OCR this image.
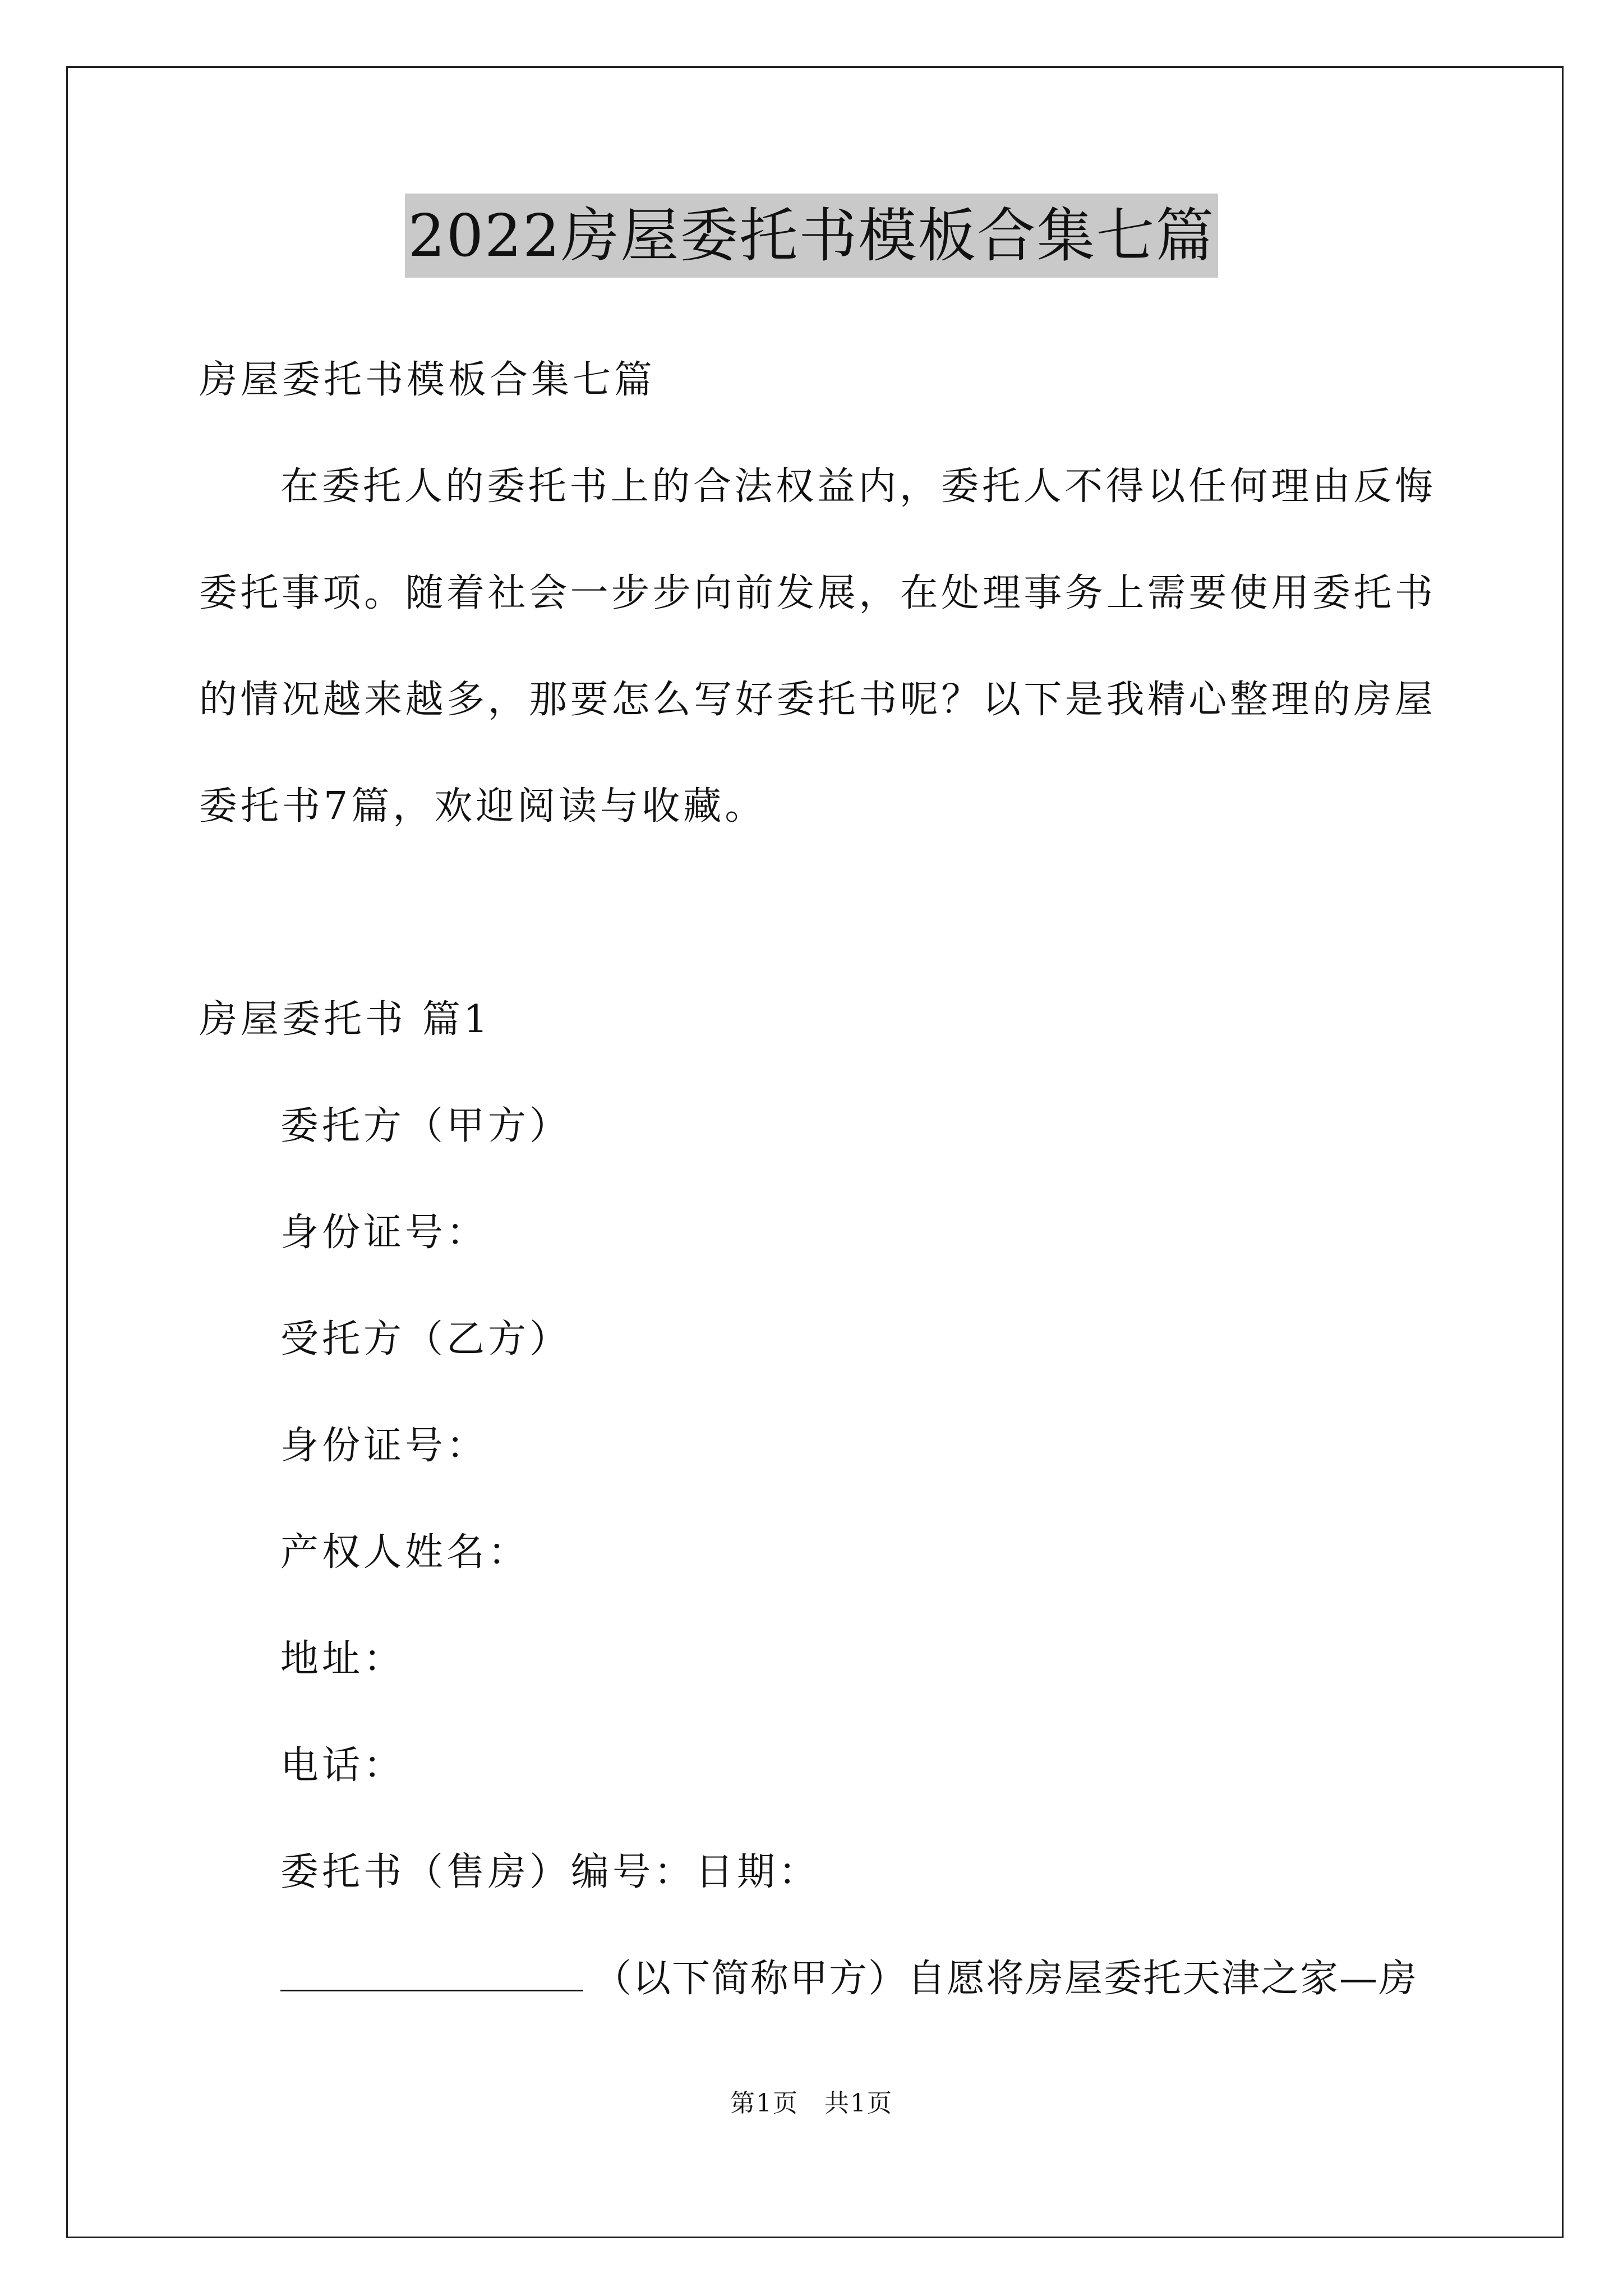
2022房屋委托书模板合集七篇
房屋委托书模板合集七篇
在委托人的委托书上的合法权益内，委托人不得以任何理由反悔
委托事项。随着社会一步步向前发展，在处理事务上需要使用委托书
的情况越来越多，那要怎么写好委托书呢？以下是我精心整理的房屋
委托书7篇，欢迎阅读与收藏。
房屋委托书 篇1
委托方（甲方）
身份证号：
受托方（乙方）
身份证号：
产权人姓名：
地址：
电话：
委托书（售房）编号：日期：
（以下简称甲方）自愿将房屋委托天津之家—房
第1页　共1页
